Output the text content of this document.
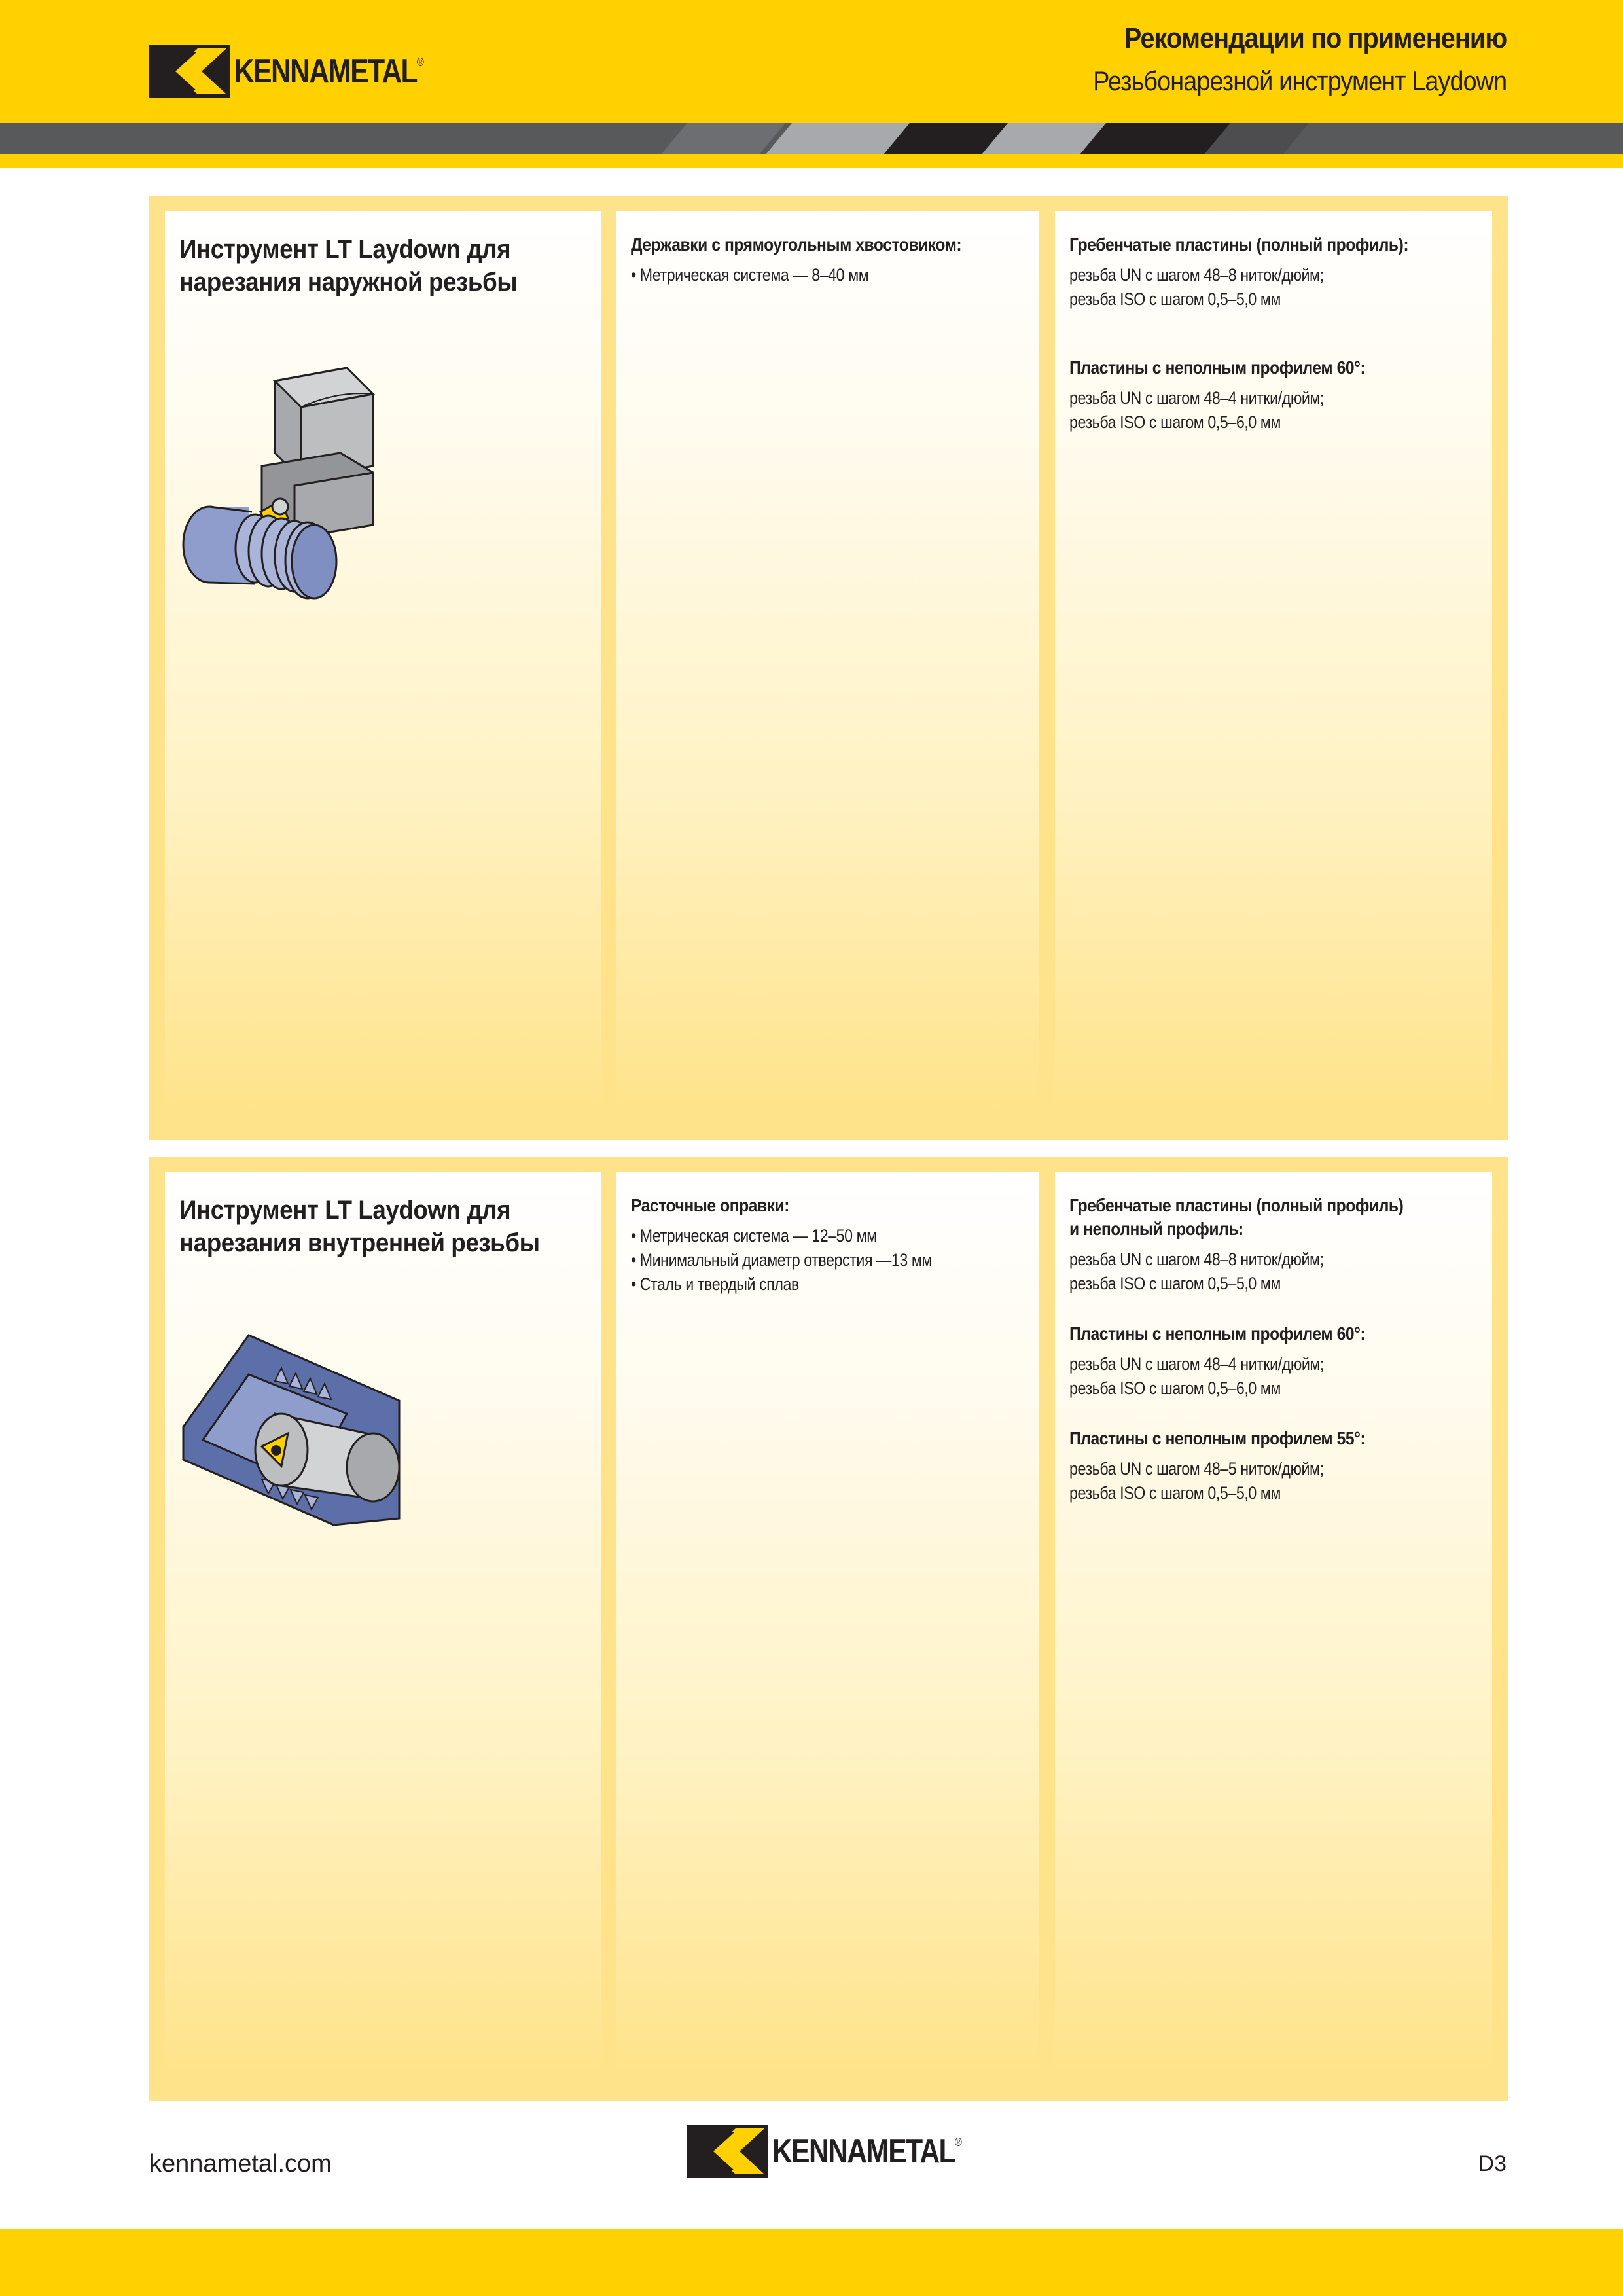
KENNAMETAL®
Рекомендации по применению
Резьбонарезной инструмент Laydown
Инструмент LT Laydown для нарезания наружной резьбы
Державки с прямоугольным хвостовиком:
• Метрическая система — 8–40 мм
Гребенчатые пластины (полный профиль):
резьба UN с шагом 48–8 ниток/дюйм;
резьба ISO с шагом 0,5–5,0 мм
Пластины с неполным профилем 60°:
резьба UN с шагом 48–4 нитки/дюйм;
резьба ISO с шагом 0,5–6,0 мм
Инструмент LT Laydown для нарезания внутренней резьбы
Расточные оправки:
• Метрическая система — 12–50 мм
• Минимальный диаметр отверстия —13 мм
• Сталь и твердый сплав
Гребенчатые пластины (полный профиль)
и неполный профиль:
резьба UN с шагом 48–8 ниток/дюйм;
резьба ISO с шагом 0,5–5,0 мм
Пластины с неполным профилем 60°:
резьба UN с шагом 48–4 нитки/дюйм;
резьба ISO с шагом 0,5–6,0 мм
Пластины с неполным профилем 55°:
резьба UN с шагом 48–5 ниток/дюйм;
резьба ISO с шагом 0,5–5,0 мм
kennametal.com	KENNAMETAL®
D3
